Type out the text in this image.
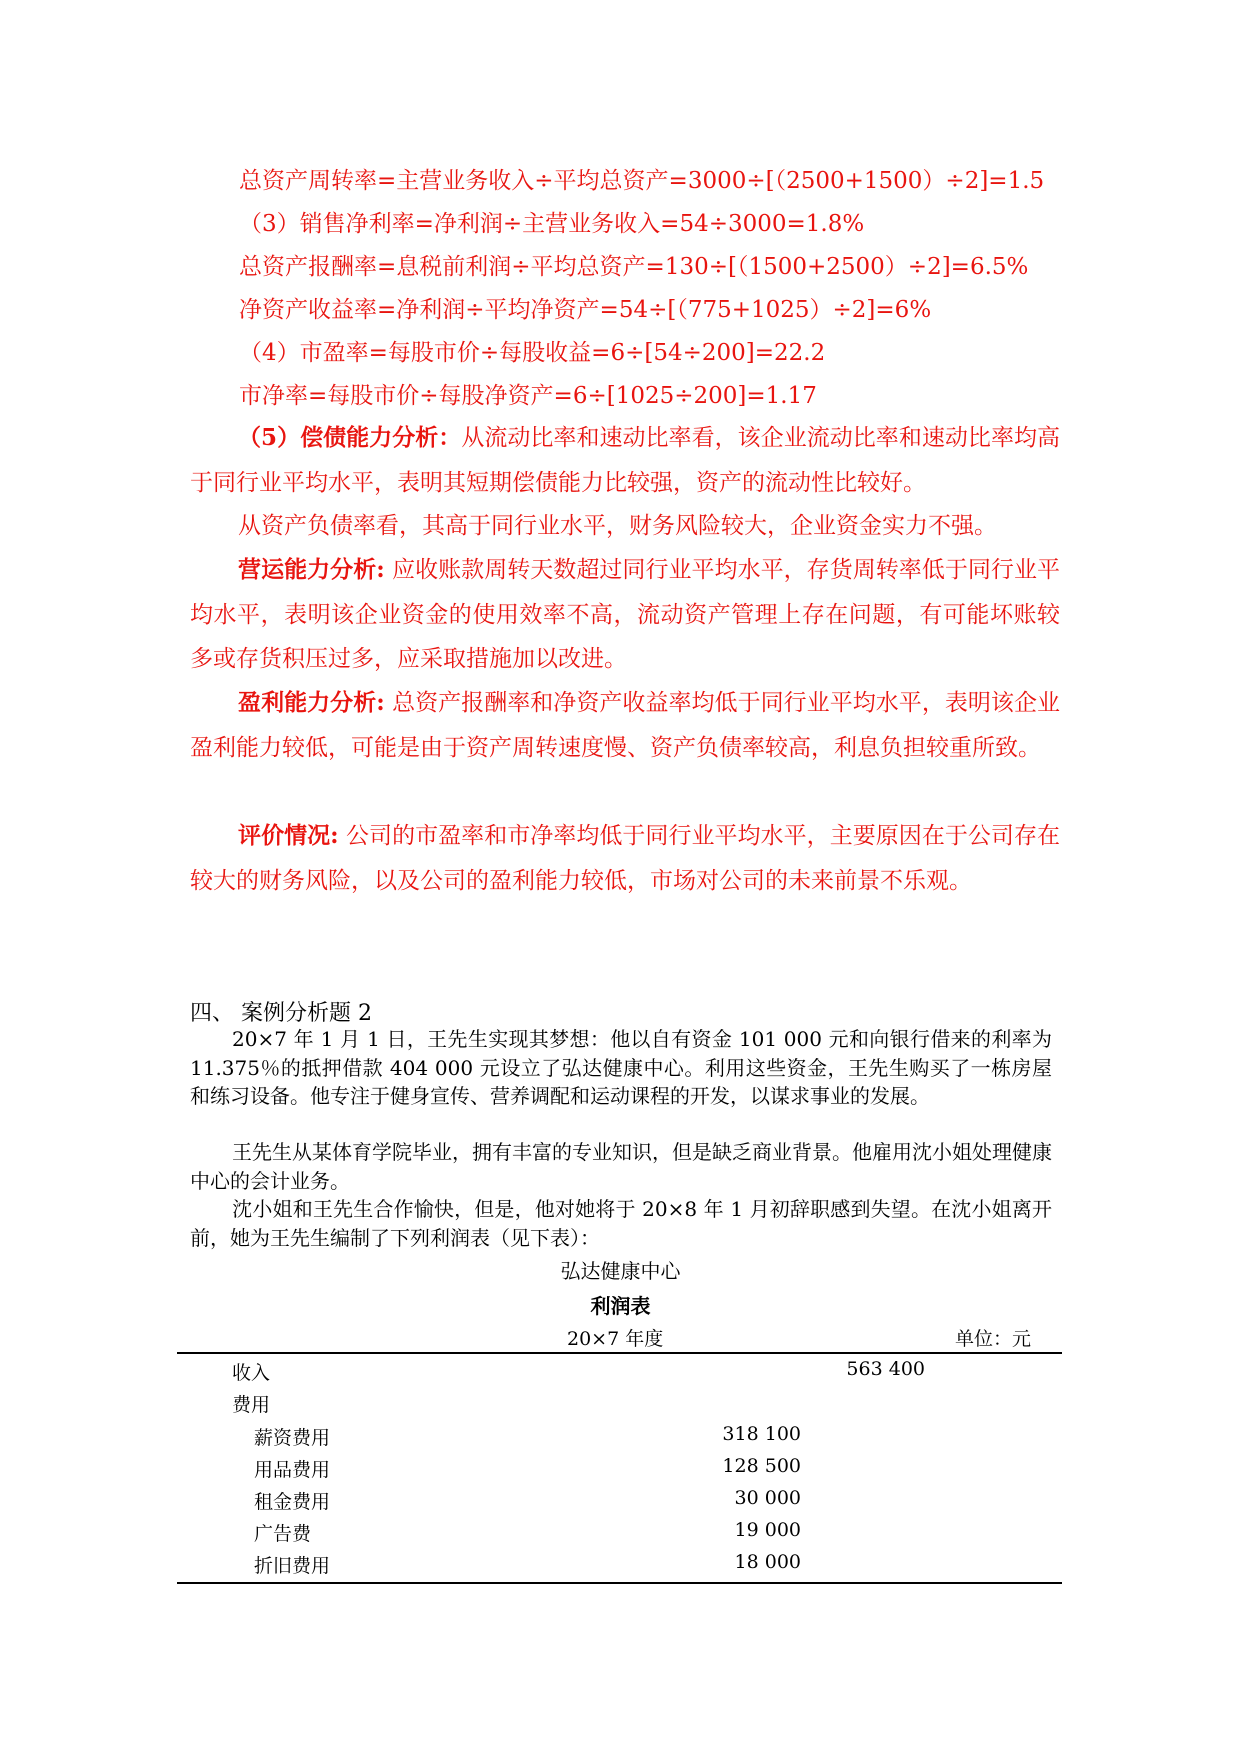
总资产周转率=主营业务收入÷平均总资产=3000÷[（2500+1500）÷2]=1.5
（3）销售净利率=净利润÷主营业务收入=54÷3000=1.8%
总资产报酬率=息税前利润÷平均总资产=130÷[（1500+2500）÷2]=6.5%
净资产收益率=净利润÷平均净资产=54÷[（775+1025）÷2]=6%
（4）市盈率=每股市价÷每股收益=6÷[54÷200]=22.2
市净率=每股市价÷每股净资产=6÷[1025÷200]=1.17
（5）偿债能力分析：从流动比率和速动比率看，该企业流动比率和速动比率均高于同行业平均水平，表明其短期偿债能力比较强，资产的流动性比较好。
从资产负债率看，其高于同行业水平，财务风险较大，企业资金实力不强。
营运能力分析: 应收账款周转天数超过同行业平均水平，存货周转率低于同行业平均水平，表明该企业资金的使用效率不高，流动资产管理上存在问题，有可能坏账较多或存货积压过多，应采取措施加以改进。
盈利能力分析: 总资产报酬率和净资产收益率均低于同行业平均水平，表明该企业盈利能力较低，可能是由于资产周转速度慢、资产负债率较高，利息负担较重所致。
评价情况: 公司的市盈率和市净率均低于同行业平均水平，主要原因在于公司存在较大的财务风险，以及公司的盈利能力较低，市场对公司的未来前景不乐观。
四、 案例分析题 2
20×7 年 1 月 1 日，王先生实现其梦想：他以自有资金 101 000 元和向银行借来的利率为 11.375％的抵押借款 404 000 元设立了弘达健康中心。利用这些资金，王先生购买了一栋房屋和练习设备。他专注于健身宣传、营养调配和运动课程的开发，以谋求事业的发展。
王先生从某体育学院毕业，拥有丰富的专业知识，但是缺乏商业背景。他雇用沈小姐处理健康中心的会计业务。
沈小姐和王先生合作愉快，但是，他对她将于 20×8 年 1 月初辞职感到失望。在沈小姐离开前，她为王先生编制了下列利润表（见下表）：
弘达健康中心
利润表
20×7 年度	单位：元
收入	563 400
费用
薪资费用	318 100
用品费用	128 500
租金费用	30 000
广告费	19 000
折旧费用	18 000
